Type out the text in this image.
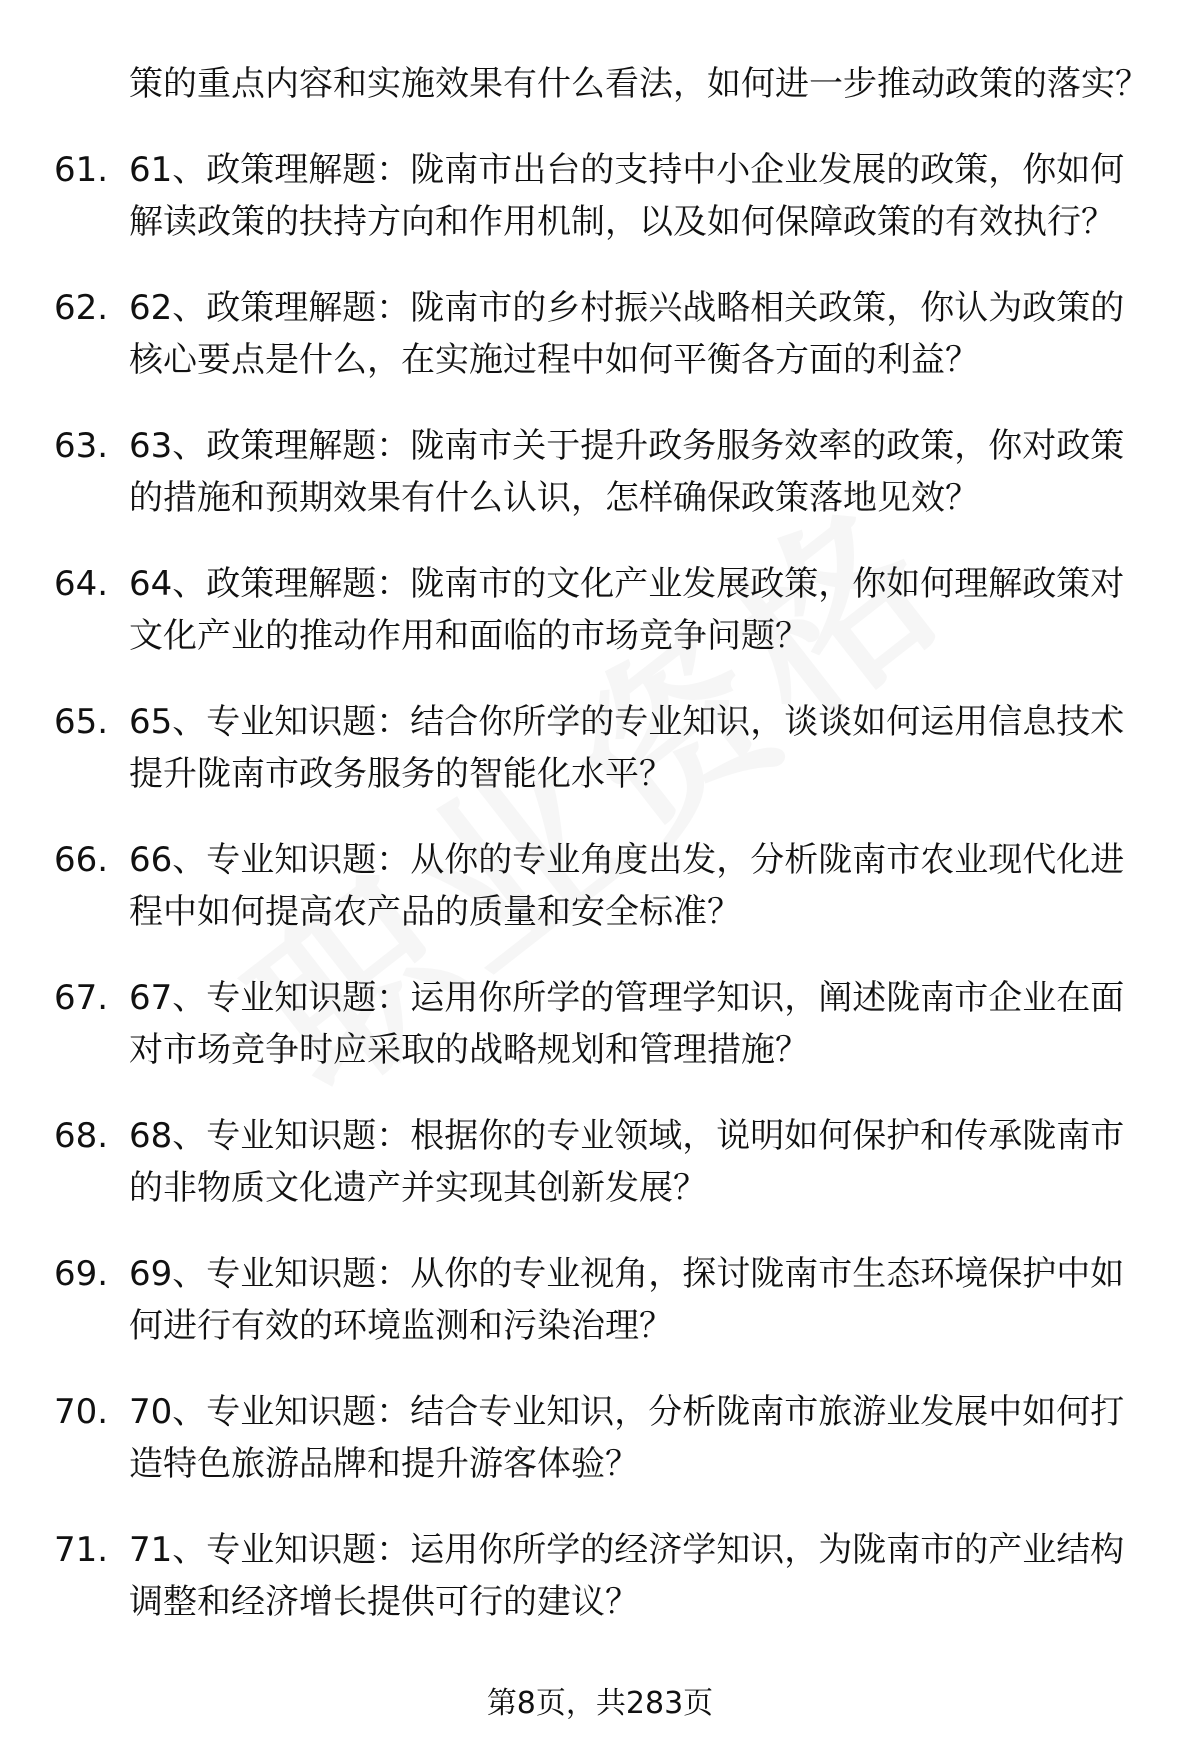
策的重点内容和实施效果有什么看法，如何进一步推动政策的落实？
61. 61、政策理解题：陇南市出台的支持中小企业发展的政策，你如何解读政策的扶持方向和作用机制，以及如何保障政策的有效执行？
62. 62、政策理解题：陇南市的乡村振兴战略相关政策，你认为政策的核心要点是什么，在实施过程中如何平衡各方面的利益？
63. 63、政策理解题：陇南市关于提升政务服务效率的政策，你对政策的措施和预期效果有什么认识，怎样确保政策落地见效？
64. 64、政策理解题：陇南市的文化产业发展政策，你如何理解政策对文化产业的推动作用和面临的市场竞争问题？
65. 65、专业知识题：结合你所学的专业知识，谈谈如何运用信息技术提升陇南市政务服务的智能化水平？
66. 66、专业知识题：从你的专业角度出发，分析陇南市农业现代化进程中如何提高农产品的质量和安全标准？
67. 67、专业知识题：运用你所学的管理学知识，阐述陇南市企业在面对市场竞争时应采取的战略规划和管理措施？
68. 68、专业知识题：根据你的专业领域，说明如何保护和传承陇南市的非物质文化遗产并实现其创新发展？
69. 69、专业知识题：从你的专业视角，探讨陇南市生态环境保护中如何进行有效的环境监测和污染治理？
70. 70、专业知识题：结合专业知识，分析陇南市旅游业发展中如何打造特色旅游品牌和提升游客体验？
71. 71、专业知识题：运用你所学的经济学知识，为陇南市的产业结构调整和经济增长提供可行的建议？
第8页，共283页
